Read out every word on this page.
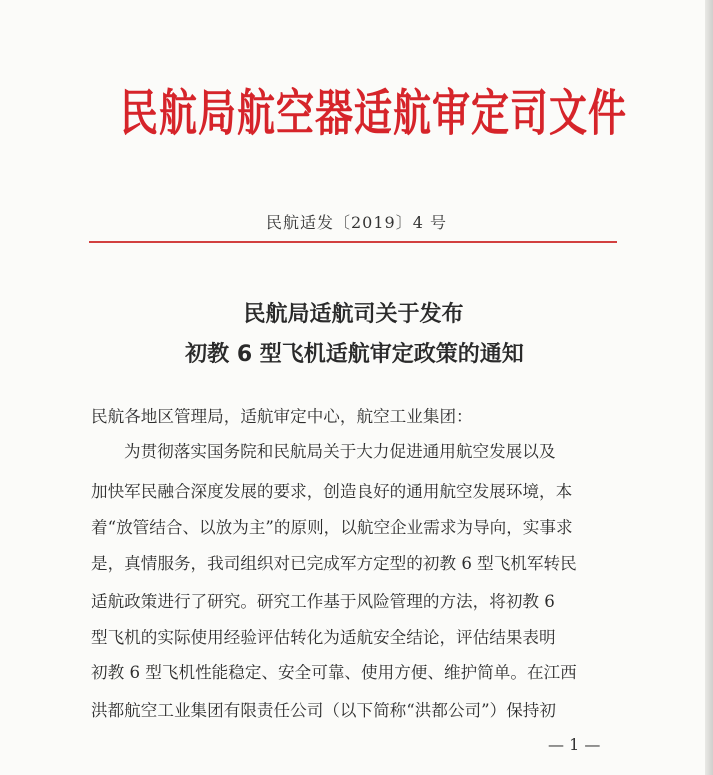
民航局航空器适航审定司文件
民航适发〔2019〕4 号
民航局适航司关于发布
初教 6 型飞机适航审定政策的通知
民航各地区管理局，适航审定中心，航空工业集团：
为贯彻落实国务院和民航局关于大力促进通用航空发展以及
加快军民融合深度发展的要求，创造良好的通用航空发展环境，本
着“放管结合、以放为主”的原则，以航空企业需求为导向，实事求
是，真情服务，我司组织对已完成军方定型的初教 6 型飞机军转民
适航政策进行了研究。研究工作基于风险管理的方法，将初教 6
型飞机的实际使用经验评估转化为适航安全结论，评估结果表明
初教 6 型飞机性能稳定、安全可靠、使用方便、维护简单。在江西
洪都航空工业集团有限责任公司（以下简称“洪都公司”）保持初
— 1 —
